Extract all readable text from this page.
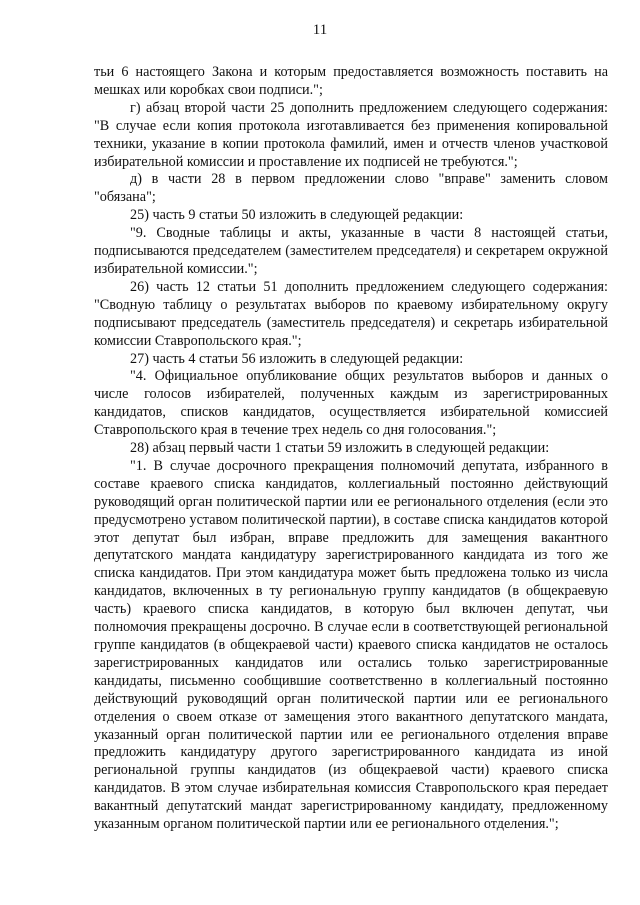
11

тьи 6 настоящего Закона и которым предоставляется возможность поставить на мешках или коробках свои подписи.";

г) абзац второй части 25 дополнить предложением следующего содержания: "В случае если копия протокола изготавливается без применения копировальной техники, указание в копии протокола фамилий, имен и отчеств членов участковой избирательной комиссии и проставление их подписей не требуются.";

д) в части 28 в первом предложении слово "вправе" заменить словом "обязана";

25) часть 9 статьи 50 изложить в следующей редакции:

"9. Сводные таблицы и акты, указанные в части 8 настоящей статьи, подписываются председателем (заместителем председателя) и секретарем окружной избирательной комиссии.";

26) часть 12 статьи 51 дополнить предложением следующего содержания: "Сводную таблицу о результатах выборов по краевому избирательному округу подписывают председатель (заместитель председателя) и секретарь избирательной комиссии Ставропольского края.";

27) часть 4 статьи 56 изложить в следующей редакции:

"4. Официальное опубликование общих результатов выборов и данных о числе голосов избирателей, полученных каждым из зарегистрированных кандидатов, списков кандидатов, осуществляется избирательной комиссией Ставропольского края в течение трех недель со дня голосования.";

28) абзац первый части 1 статьи 59 изложить в следующей редакции:

"1. В случае досрочного прекращения полномочий депутата, избранного в составе краевого списка кандидатов, коллегиальный постоянно действующий руководящий орган политической партии или ее регионального отделения (если это предусмотрено уставом политической партии), в составе списка кандидатов которой этот депутат был избран, вправе предложить для замещения вакантного депутатского мандата кандидатуру зарегистрированного кандидата из того же списка кандидатов. При этом кандидатура может быть предложена только из числа кандидатов, включенных в ту региональную группу кандидатов (в общекраевую часть) краевого списка кандидатов, в которую был включен депутат, чьи полномочия прекращены досрочно. В случае если в соответствующей региональной группе кандидатов (в общекраевой части) краевого списка кандидатов не осталось зарегистрированных кандидатов или остались только зарегистрированные кандидаты, письменно сообщившие соответственно в коллегиальный постоянно действующий руководящий орган политической партии или ее регионального отделения о своем отказе от замещения этого вакантного депутатского мандата, указанный орган политической партии или ее регионального отделения вправе предложить кандидатуру другого зарегистрированного кандидата из иной региональной группы кандидатов (из общекраевой части) краевого списка кандидатов. В этом случае избирательная комиссия Ставропольского края передает вакантный депутатский мандат зарегистрированному кандидату, предложенному указанным органом политической партии или ее регионального отделения.";
